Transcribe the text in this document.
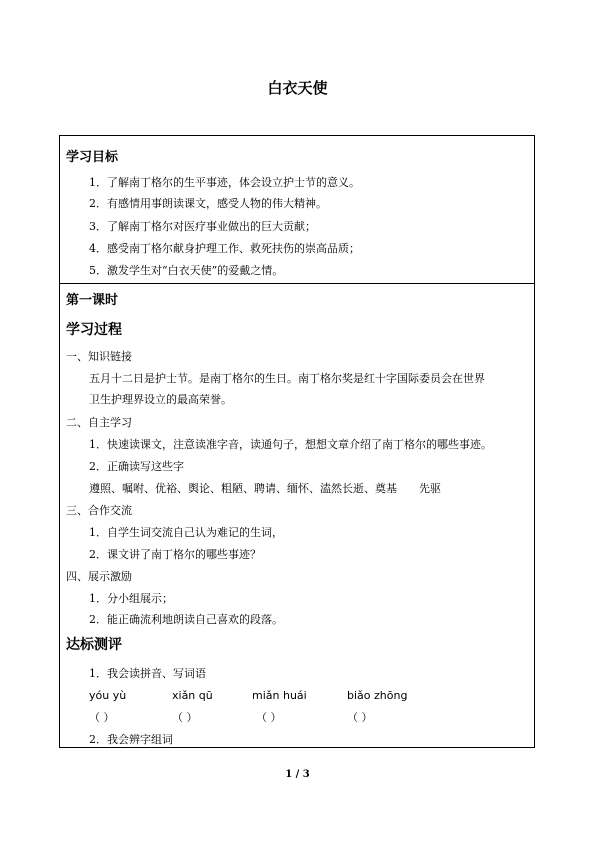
白衣天使
学习目标
1．了解南丁格尔的生平事迹，体会设立护士节的意义。
2．有感情用事朗读课文，感受人物的伟大精神。
3．了解南丁格尔对医疗事业做出的巨大贡献；
4．感受南丁格尔献身护理工作、救死扶伤的崇高品质；
5．激发学生对“白衣天使”的爱戴之情。
第一课时
学习过程
一、知识链接
五月十二日是护士节。是南丁格尔的生日。南丁格尔奖是红十字国际委员会在世界
卫生护理界设立的最高荣誉。
二、自主学习
1．快速读课文，注意读准字音，读通句子，想想文章介绍了南丁格尔的哪些事迹。
2．正确读写这些字
遵照、嘱咐、优裕、舆论、粗陋、聘请、缅怀、溘然长逝、奠基　　先驱
三、合作交流
1．自学生词交流自己认为难记的生词，
2．课文讲了南丁格尔的哪些事迹？
四、展示激励
1．分小组展示；
2．能正确流利地朗读自己喜欢的段落。
达标测评
1．我会读拼音、写词语
yóu yù	xiǎn qū	miǎn huái	biǎo zhōng
（ ）	（ ）	（ ）	（ ）
2．我会辨字组词
1 / 3
